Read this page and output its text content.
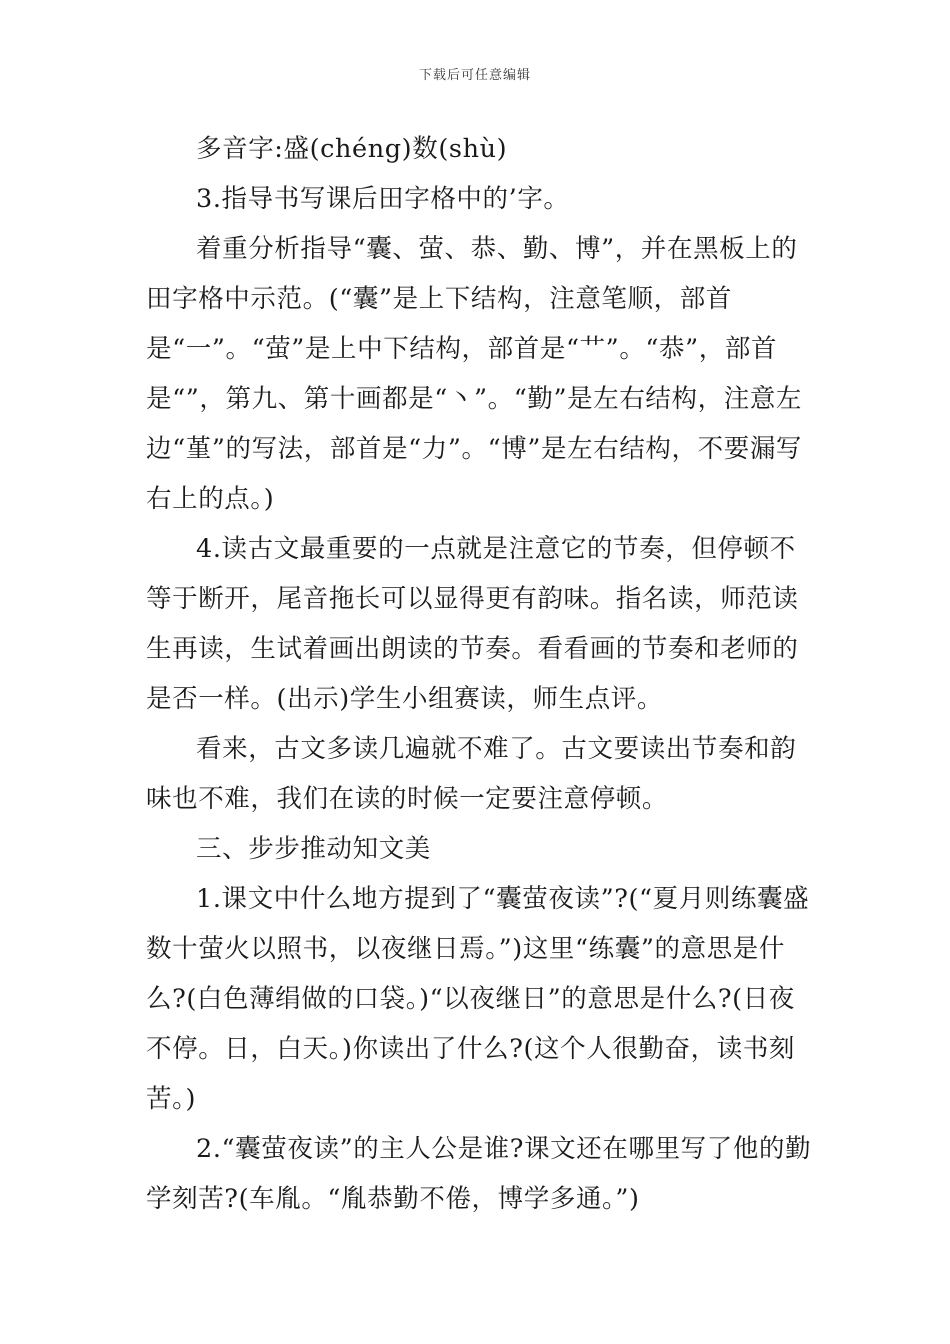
下载后可任意编辑

多音字:盛(chéng)数(shù)

3.指导书写课后田字格中的’字。

着重分析指导“囊、萤、恭、勤、博”，并在黑板上的田字格中示范。(“囊”是上下结构，注意笔顺，部首是“一”。“萤”是上中下结构，部首是“艹”。“恭”，部首是“”，第九、第十画都是“丶”。“勤”是左右结构，注意左边“堇”的写法，部首是“力”。“博”是左右结构，不要漏写右上的点。)

4.读古文最重要的一点就是注意它的节奏，但停顿不等于断开，尾音拖长可以显得更有韵味。指名读，师范读生再读，生试着画出朗读的节奏。看看画的节奏和老师的是否一样。(出示)学生小组赛读，师生点评。

看来，古文多读几遍就不难了。古文要读出节奏和韵味也不难，我们在读的时候一定要注意停顿。

三、步步推动知文美

1.课文中什么地方提到了“囊萤夜读”?(“夏月则练囊盛数十萤火以照书，以夜继日焉。”)这里“练囊”的意思是什么?(白色薄绢做的口袋。)“以夜继日”的意思是什么?(日夜不停。日，白天。)你读出了什么?(这个人很勤奋，读书刻苦。)

2.“囊萤夜读”的主人公是谁?课文还在哪里写了他的勤学刻苦?(车胤。“胤恭勤不倦，博学多通。”)
